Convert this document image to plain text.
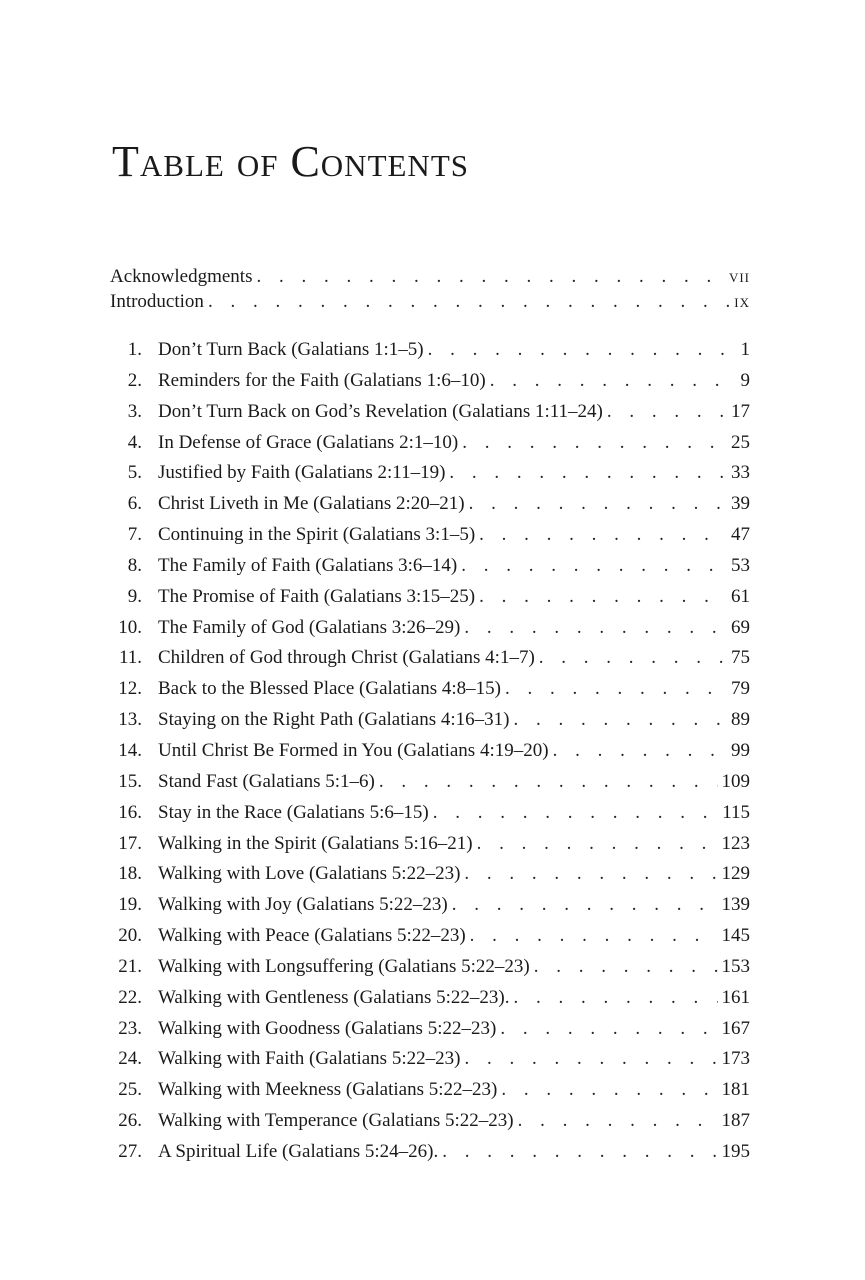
Table of Contents
Acknowledgments . . .	vii
Introduction . . .	ix
1. Don’t Turn Back (Galatians 1:1–5) . . .	1
2. Reminders for the Faith (Galatians 1:6–10) . . .	9
3. Don’t Turn Back on God’s Revelation (Galatians 1:11–24) . . .	17
4. In Defense of Grace (Galatians 2:1–10) . . .	25
5. Justified by Faith (Galatians 2:11–19) . . .	33
6. Christ Liveth in Me (Galatians 2:20–21) . . .	39
7. Continuing in the Spirit (Galatians 3:1–5) . . .	47
8. The Family of Faith (Galatians 3:6–14) . . .	53
9. The Promise of Faith (Galatians 3:15–25) . . .	61
10. The Family of God (Galatians 3:26–29) . . .	69
11. Children of God through Christ (Galatians 4:1–7) . . .	75
12. Back to the Blessed Place (Galatians 4:8–15) . . .	79
13. Staying on the Right Path (Galatians 4:16–31) . . .	89
14. Until Christ Be Formed in You (Galatians 4:19–20) . . .	99
15. Stand Fast (Galatians 5:1–6) . . .	109
16. Stay in the Race (Galatians 5:6–15) . . .	115
17. Walking in the Spirit (Galatians 5:16–21) . . .	123
18. Walking with Love (Galatians 5:22–23) . . .	129
19. Walking with Joy (Galatians 5:22–23) . . .	139
20. Walking with Peace (Galatians 5:22–23) . . .	145
21. Walking with Longsuffering (Galatians 5:22–23) . . .	153
22. Walking with Gentleness (Galatians 5:22–23). . . .	161
23. Walking with Goodness (Galatians 5:22–23) . . .	167
24. Walking with Faith (Galatians 5:22–23) . . .	173
25. Walking with Meekness (Galatians 5:22–23) . . .	181
26. Walking with Temperance (Galatians 5:22–23) . . .	187
27. A Spiritual Life (Galatians 5:24–26). . . .	195
